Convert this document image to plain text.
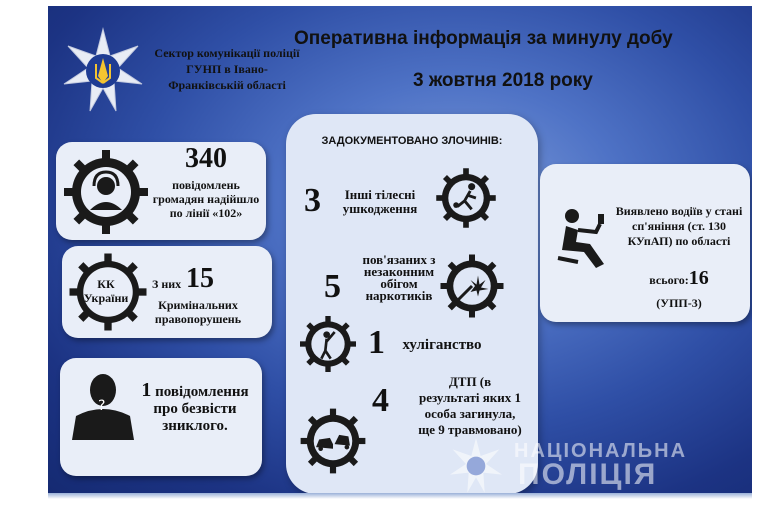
Сектор комунікації поліції ГУНП в Івано-Франківській області
Оперативна інформація за минулу добу
3 жовтня 2018 року
340
повідомлень громадян надійшло по лінії «102»
КК України
З них 15
Кримінальних правопорушень
?
1 повідомлення про безвісти зниклого.
ЗАДОКУМЕНТОВАНО ЗЛОЧИНІВ:
3	Інші тілесні ушкодження
5
пов'язаних з незаконним обігом наркотиків
1	хуліганство
4
ДТП (в результаті яких 1 особа загинула, ще 9 травмовано)
Виявлено водіїв у стані сп'яніння (ст. 130 КУпАП) по області
всього:16
(УПП-3)
НАЦІОНАЛЬНА
ПОЛІЦІЯ
